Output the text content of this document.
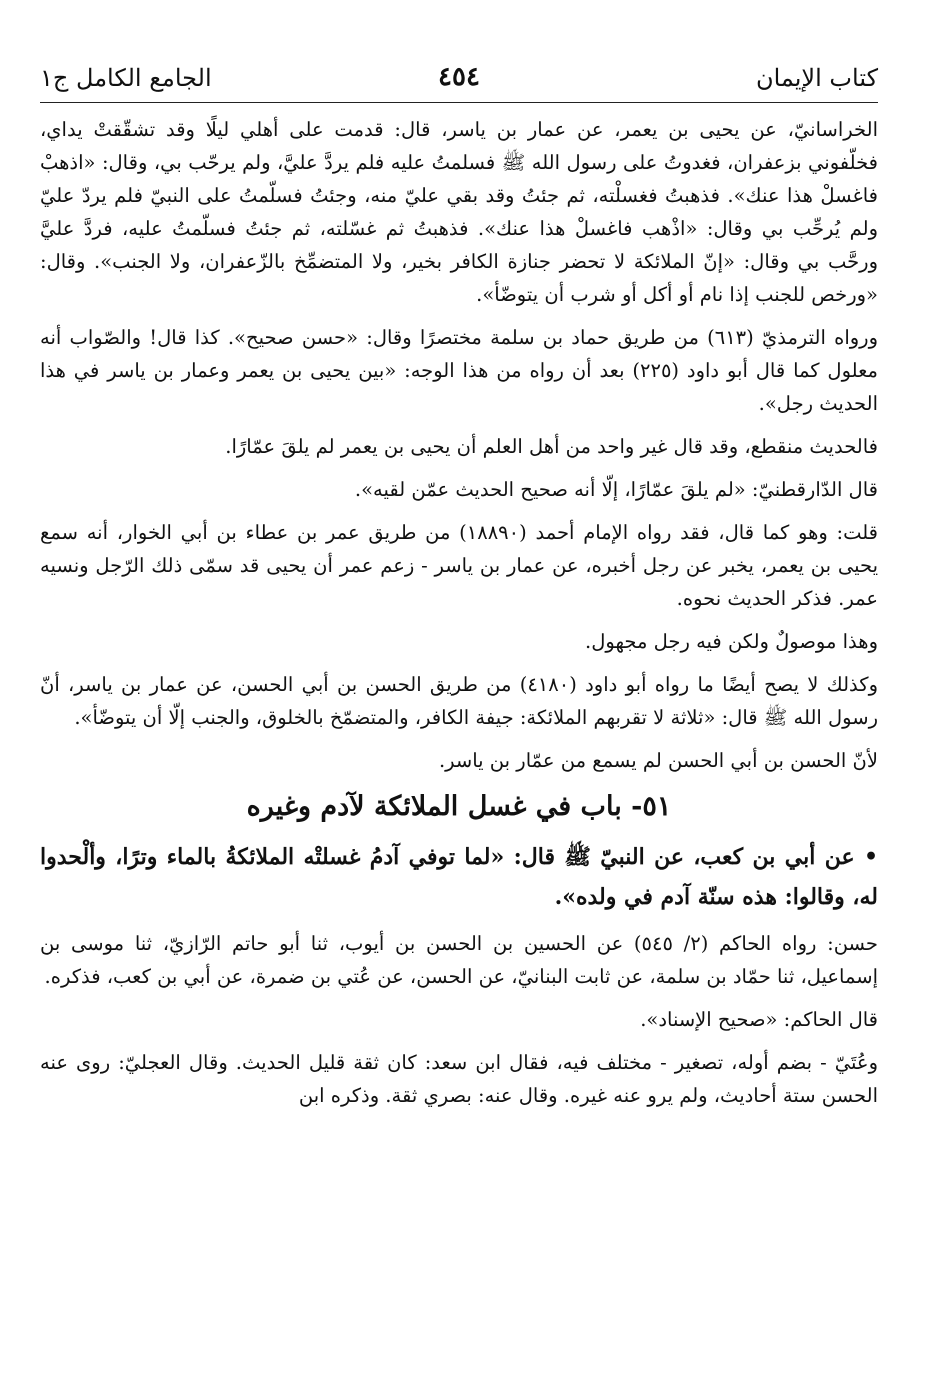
كتاب الإيمان
٤٥٤
الجامع الكامل ج١

الخراسانيّ، عن يحيى بن يعمر، عن عمار بن ياسر، قال: قدمت على أهلي ليلًا وقد تشقّقتْ يداي، فخلّفوني بزعفران، فغدوتُ على رسول الله ﷺ فسلمتُ عليه فلم يردَّ عليَّ، ولم يرحّب بي، وقال: «اذهبْ فاغسلْ هذا عنك». فذهبتُ فغسلْته، ثم جئتُ وقد بقي عليّ منه، وجئتُ فسلّمتُ على النبيّ فلم يردّ عليّ ولم يُرحِّب بي وقال: «اذْهب فاغسلْ هذا عنك». فذهبتُ ثم غسّلته، ثم جئتُ فسلّمتُ عليه، فردَّ عليَّ ورحَّب بي وقال: «إنّ الملائكة لا تحضر جنازة الكافر بخير، ولا المتضمِّخ بالزّعفران، ولا الجنب». وقال: «ورخص للجنب إذا نام أو أكل أو شرب أن يتوضّأ».

ورواه الترمذيّ (٦١٣) من طريق حماد بن سلمة مختصرًا وقال: «حسن صحيح». كذا قال! والصّواب أنه معلول كما قال أبو داود (٢٢٥) بعد أن رواه من هذا الوجه: «بين يحيى بن يعمر وعمار بن ياسر في هذا الحديث رجل».

فالحديث منقطع، وقد قال غير واحد من أهل العلم أن يحيى بن يعمر لم يلقَ عمّارًا.

قال الدّارقطنيّ: «لم يلقَ عمّارًا، إلّا أنه صحيح الحديث عمّن لقيه».

قلت: وهو كما قال، فقد رواه الإمام أحمد (١٨٨٩٠) من طريق عمر بن عطاء بن أبي الخوار، أنه سمع يحيى بن يعمر، يخبر عن رجل أخبره، عن عمار بن ياسر - زعم عمر أن يحيى قد سمّى ذلك الرّجل ونسيه عمر. فذكر الحديث نحوه.

وهذا موصولٌ ولكن فيه رجل مجهول.

وكذلك لا يصح أيضًا ما رواه أبو داود (٤١٨٠) من طريق الحسن بن أبي الحسن، عن عمار بن ياسر، أنّ رسول الله ﷺ قال: «ثلاثة لا تقربهم الملائكة: جيفة الكافر، والمتضمّخ بالخلوق، والجنب إلّا أن يتوضّأ».

لأنّ الحسن بن أبي الحسن لم يسمع من عمّار بن ياسر.

٥١- باب في غسل الملائكة لآدم وغيره

• عن أبي بن كعب، عن النبيّ ﷺ قال: «لما توفي آدمُ غسلتْه الملائكةُ بالماء وترًا، وألْحدوا له، وقالوا: هذه سنّة آدم في ولده».

حسن: رواه الحاكم (٢/ ٥٤٥) عن الحسين بن الحسن بن أيوب، ثنا أبو حاتم الرّازيّ، ثنا موسى بن إسماعيل، ثنا حمّاد بن سلمة، عن ثابت البنانيّ، عن الحسن، عن عُتي بن ضمرة، عن أبي بن كعب، فذكره.

قال الحاكم: «صحيح الإسناد».

وعُتَيّ - بضم أوله، تصغير - مختلف فيه، فقال ابن سعد: كان ثقة قليل الحديث. وقال العجليّ: روى عنه الحسن ستة أحاديث، ولم يرو عنه غيره. وقال عنه: بصري ثقة. وذكره ابن
